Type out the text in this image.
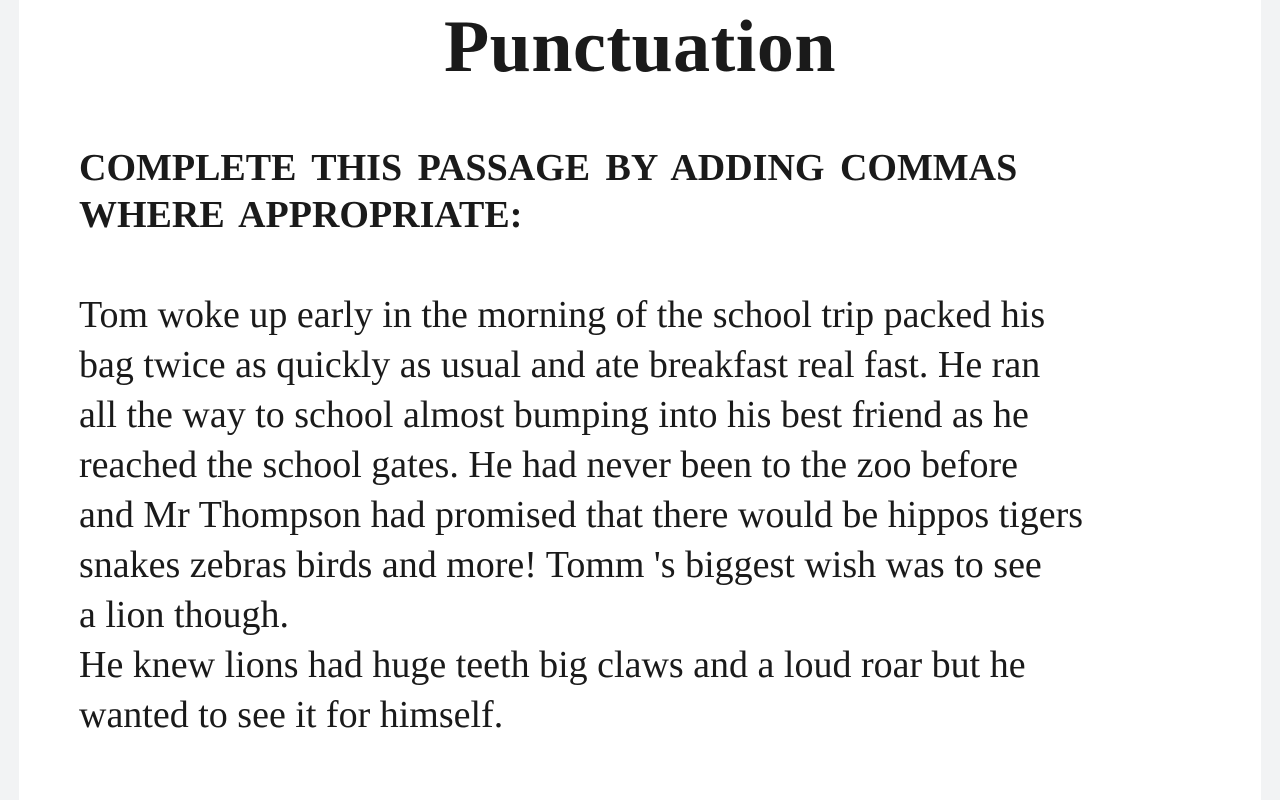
Punctuation
COMPLETE THIS PASSAGE BY ADDING COMMAS
WHERE APPROPRIATE:
Tom woke up early in the morning of the school trip packed his
bag twice as quickly as usual and ate breakfast real fast. He ran
all the way to school almost bumping into his best friend as he
reached the school gates. He had never been to the zoo before
and Mr Thompson had promised that there would be hippos tigers
snakes zebras birds and more! Tomm 's biggest wish was to see
a lion though.
He knew lions had huge teeth big claws and a loud roar but he
wanted to see it for himself.
